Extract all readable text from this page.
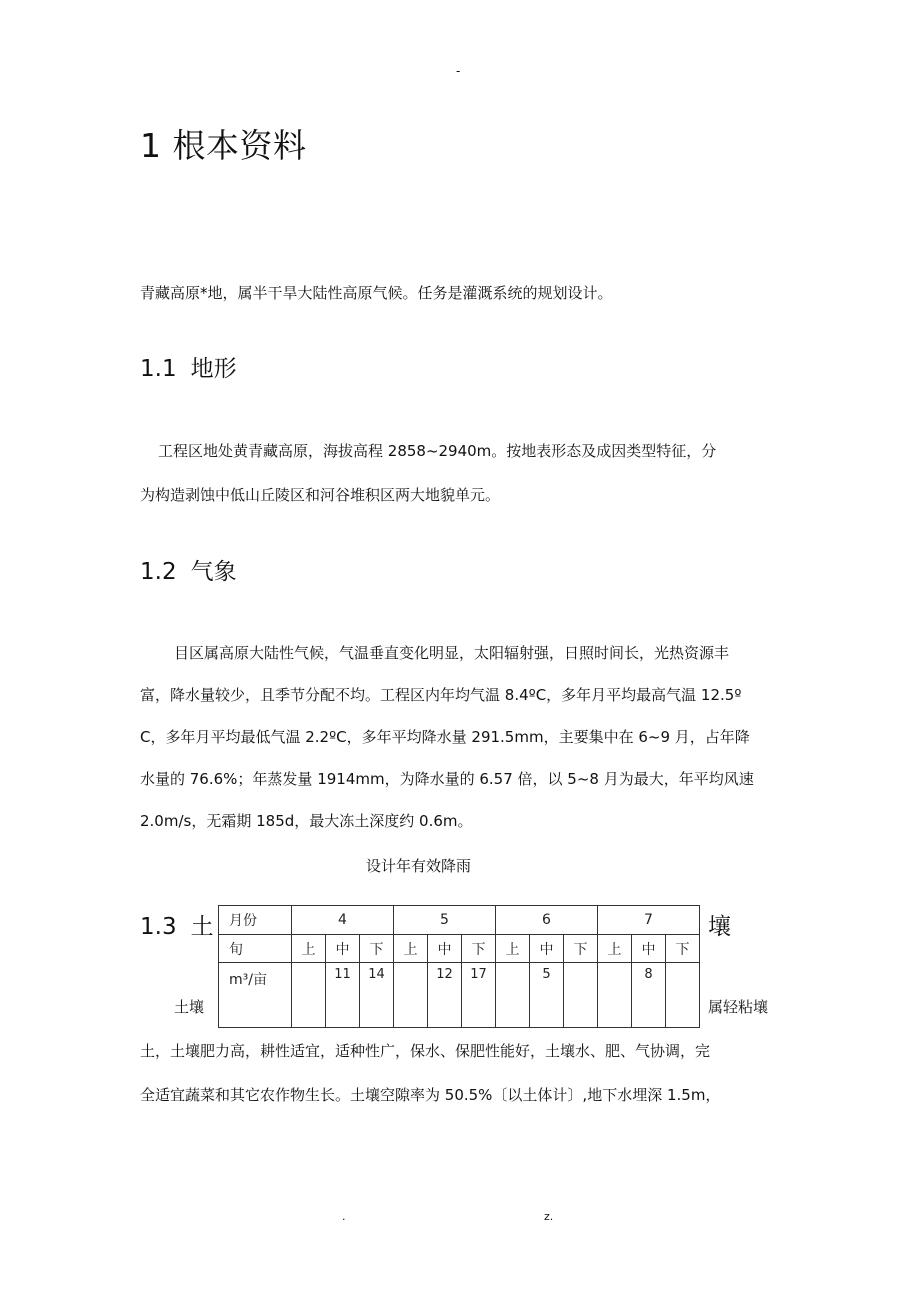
-
1 根本资料
青藏高原*地，属半干旱大陆性高原气候。任务是灌溉系统的规划设计。
1.1 地形
工程区地处黄青藏高原，海拔高程 2858~2940m。按地表形态及成因类型特征，分
为构造剥蚀中低山丘陵区和河谷堆积区两大地貌单元。
1.2 气象
目区属高原大陆性气候，气温垂直变化明显，太阳辐射强，日照时间长，光热资源丰
富，降水量较少，且季节分配不均。工程区内年均气温 8.4ºC，多年月平均最高气温 12.5º
C，多年月平均最低气温 2.2ºC，多年平均降水量 291.5mm，主要集中在 6~9 月，占年降
水量的 76.6%；年蒸发量 1914mm，为降水量的 6.57 倍，以 5~8 月为最大，年平均风速
2.0m/s，无霜期 185d，最大冻土深度约 0.6m。
设计年有效降雨
1.3 土	壤
月份	4			5			6			7		
旬	上	中	下	上	中	下	上	中	下	上	中	下
m³/亩		11	14		12	17		5			8	
土壤	属轻粘壤
土，土壤肥力高，耕性适宜，适种性广，保水、保肥性能好，土壤水、肥、气协调，完
全适宜蔬菜和其它农作物生长。土壤空隙率为 50.5%〔以土体计〕,地下水埋深 1.5m，
.	z.
